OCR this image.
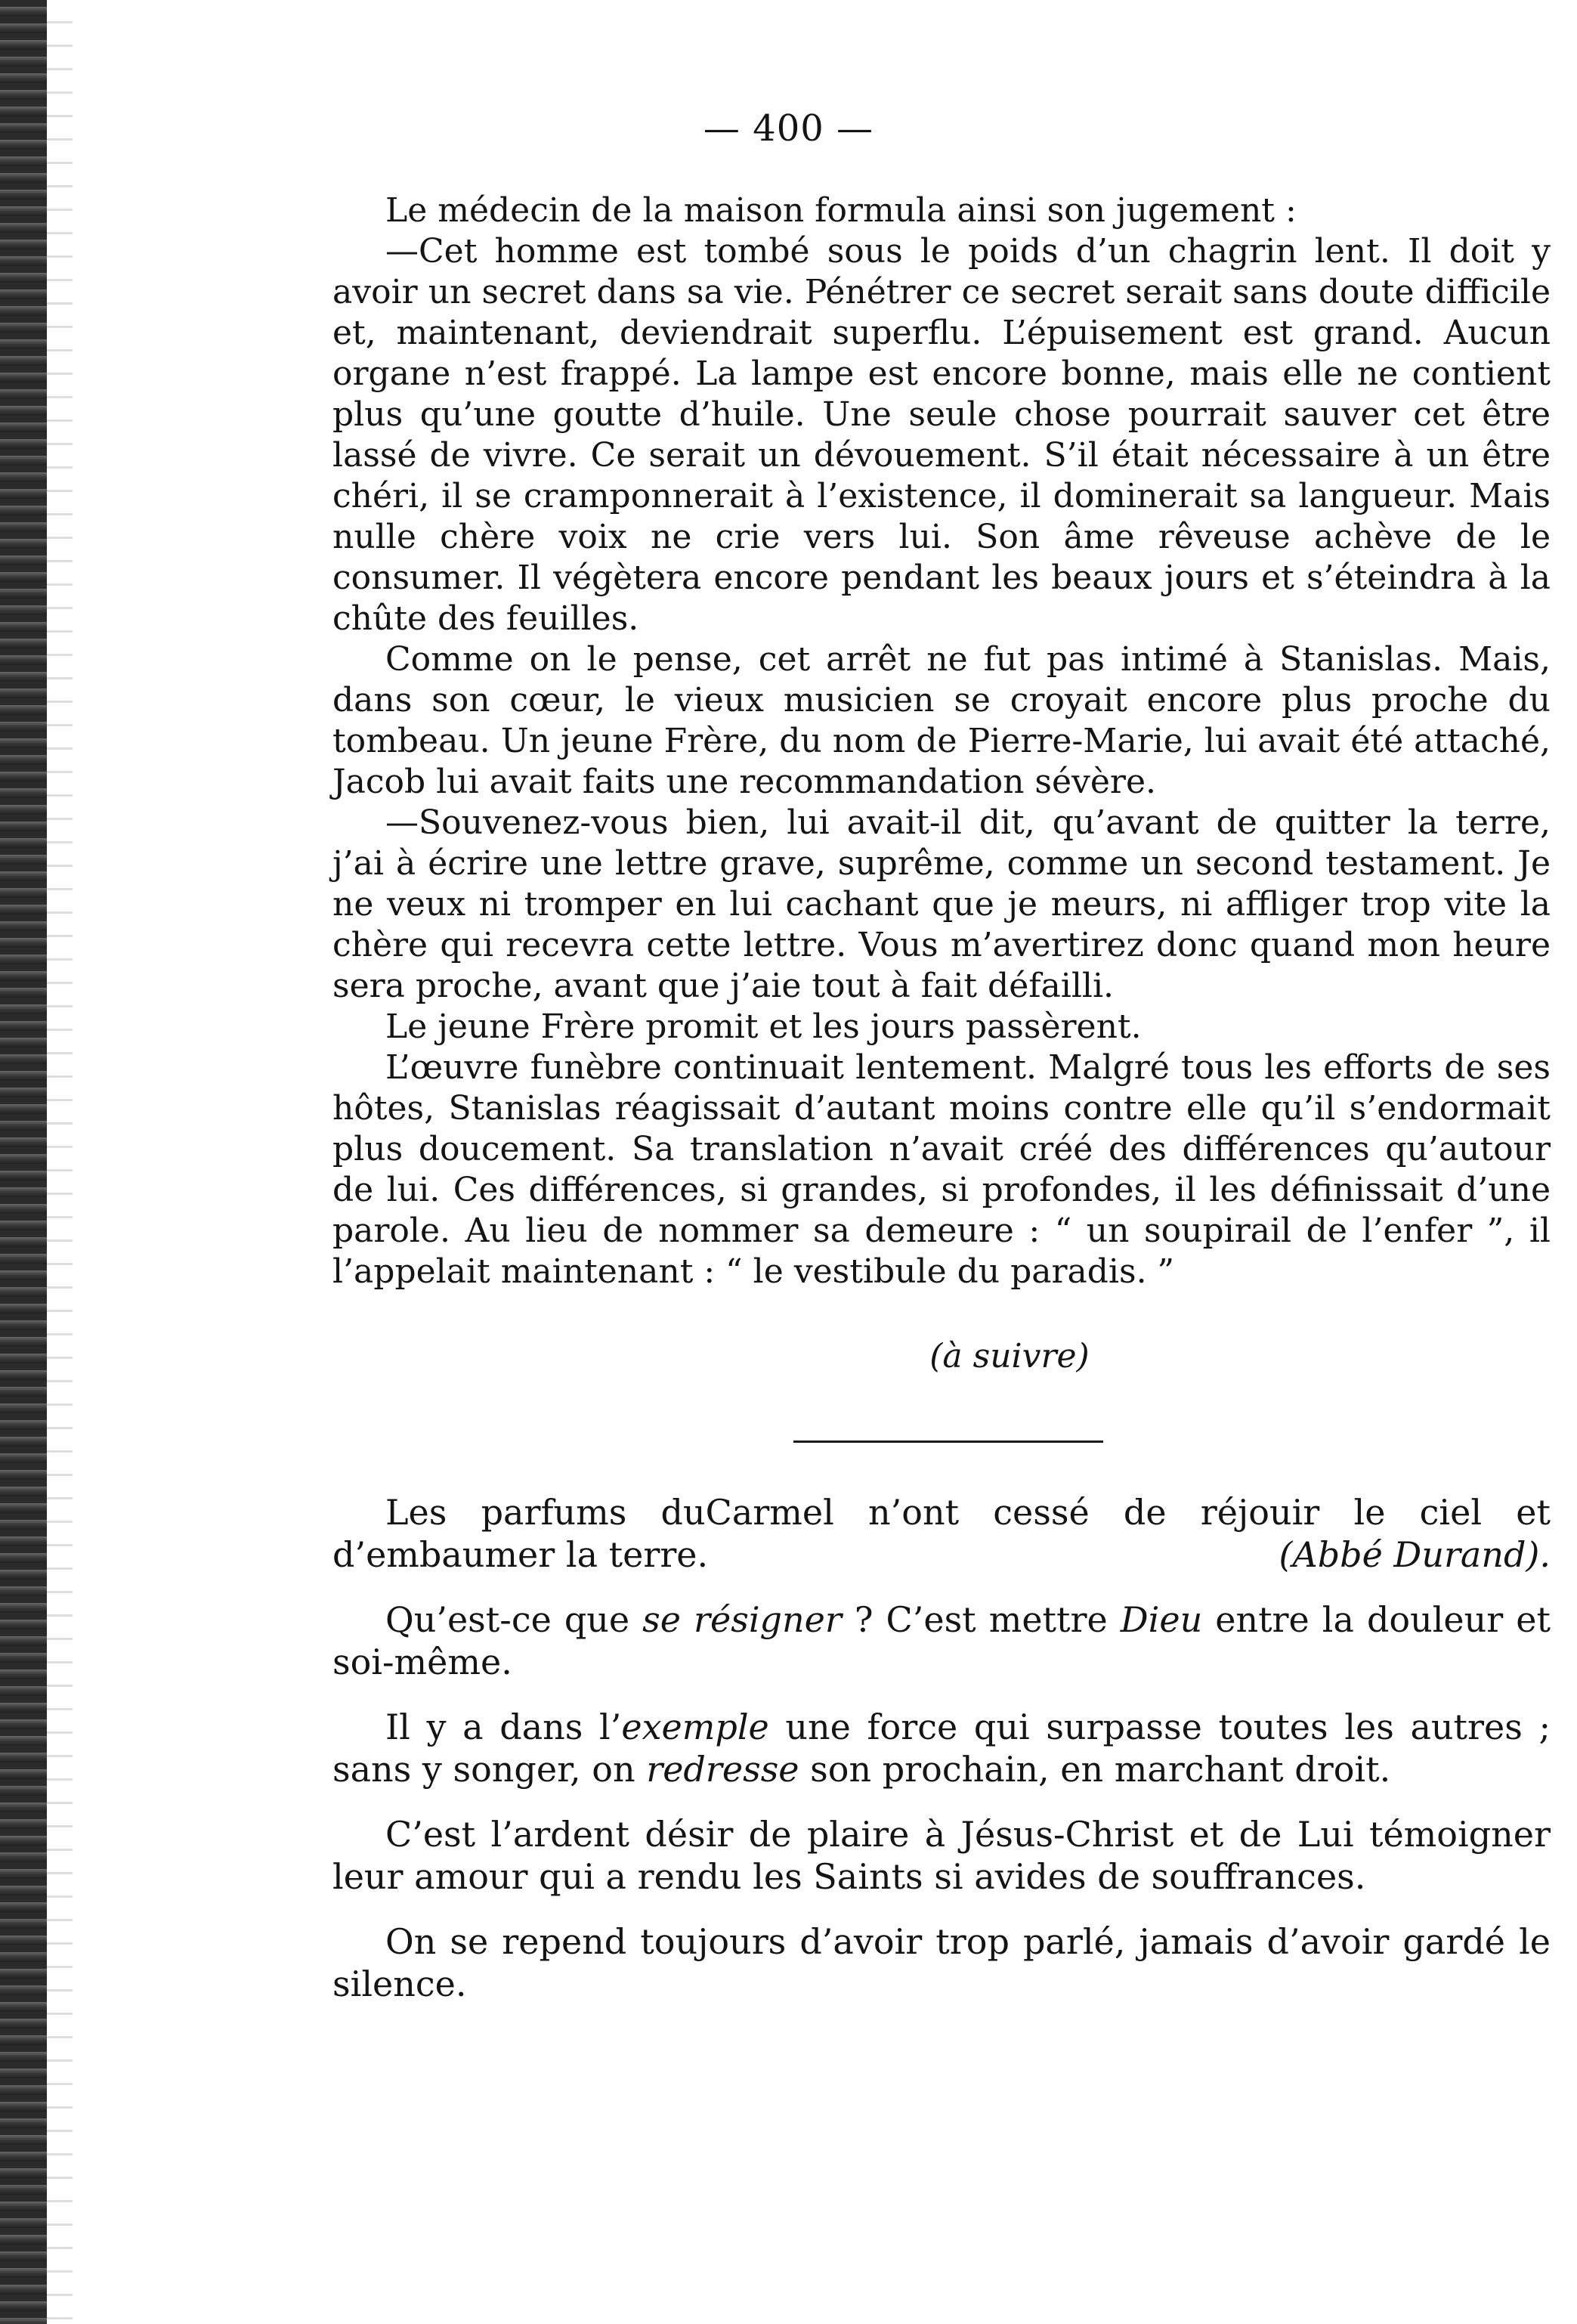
— 400 —

Le médecin de la maison formula ainsi son jugement :

—Cet homme est tombé sous le poids d’un chagrin lent. Il doit y avoir un secret dans sa vie. Pénétrer ce secret serait sans doute difficile et, maintenant, deviendrait superflu. L’épuisement est grand. Aucun organe n’est frappé. La lampe est encore bonne, mais elle ne contient plus qu’une goutte d’huile. Une seule chose pourrait sauver cet être lassé de vivre. Ce serait un dévouement. S’il était nécessaire à un être chéri, il se cramponnerait à l’existence, il dominerait sa langueur. Mais nulle chère voix ne crie vers lui. Son âme rêveuse achève de le consumer. Il végètera encore pendant les beaux jours et s’éteindra à la chûte des feuilles.

Comme on le pense, cet arrêt ne fut pas intimé à Stanislas. Mais, dans son cœur, le vieux musicien se croyait encore plus proche du tombeau. Un jeune Frère, du nom de Pierre-Marie, lui avait été attaché, Jacob lui avait faits une recommandation sévère.

—Souvenez-vous bien, lui avait-il dit, qu’avant de quitter la terre, j’ai à écrire une lettre grave, suprême, comme un second testament. Je ne veux ni tromper en lui cachant que je meurs, ni affliger trop vite la chère qui recevra cette lettre. Vous m’avertirez donc quand mon heure sera proche, avant que j’aie tout à fait défailli.

Le jeune Frère promit et les jours passèrent.

L’œuvre funèbre continuait lentement. Malgré tous les efforts de ses hôtes, Stanislas réagissait d’autant moins contre elle qu’il s’endormait plus doucement. Sa translation n’avait créé des différences qu’autour de lui. Ces différences, si grandes, si profondes, il les définissait d’une parole. Au lieu de nommer sa demeure : “ un soupirail de l’enfer ”, il l’appelait maintenant : “ le vestibule du paradis. ”

(à suivre)

Les parfums duCarmel n’ont cessé de réjouir le ciel et d’embaumer la terre.	(Abbé Durand).

Qu’est-ce que se résigner ? C’est mettre Dieu entre la douleur et soi-même.

Il y a dans l’exemple une force qui surpasse toutes les autres ; sans y songer, on redresse son prochain, en marchant droit.

C’est l’ardent désir de plaire à Jésus-Christ et de Lui témoigner leur amour qui a rendu les Saints si avides de souffrances.

On se repend toujours d’avoir trop parlé, jamais d’avoir gardé le silence.
